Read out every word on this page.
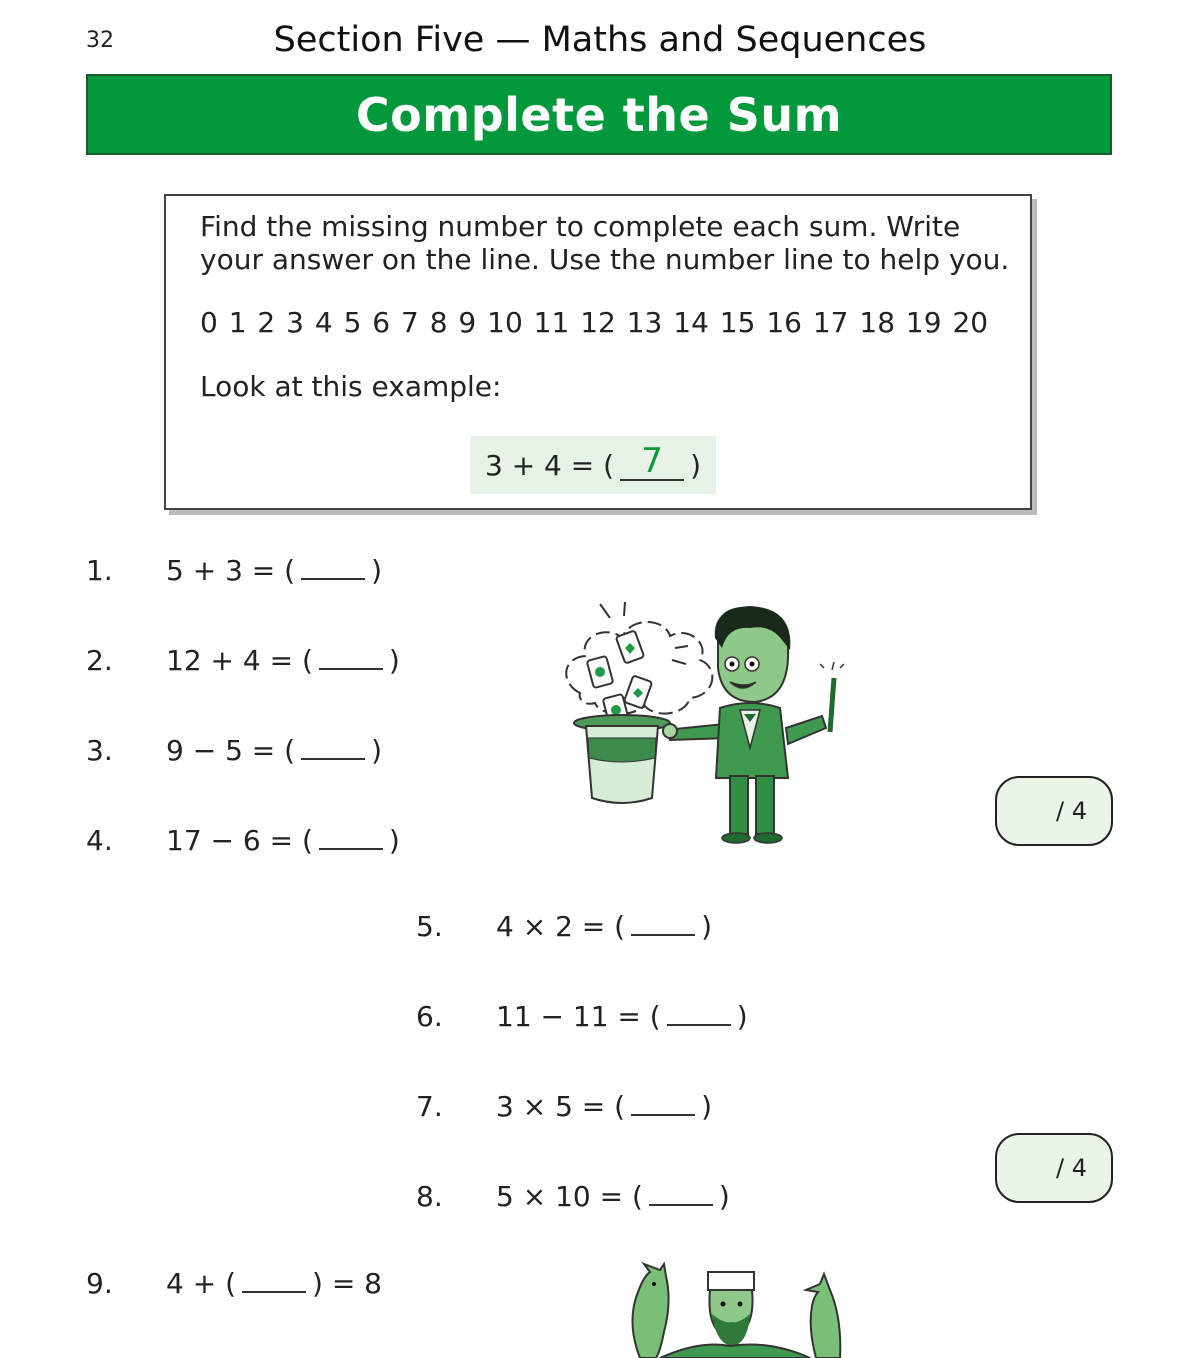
32	Section Five — Maths and Sequences
Complete the Sum
Find the missing number to complete each sum. Write your answer on the line. Use the number line to help you.
0 1 2 3 4 5 6 7 8 9 10 11 12 13 14 15 16 17 18 19 20
Look at this example:
3 + 4 = ( 7 )
1.	5 + 3 = (	)
2.	12 + 4 = (	)
3.	9 − 5 = (	)
4.	17 − 6 = (	)
5.	4 × 2 = (	)
6.	11 − 11 = (	)
7.	3 × 5 = (	)
8.	5 × 10 = (	)
9.	4 + (	) = 8
/ 4
/ 4
